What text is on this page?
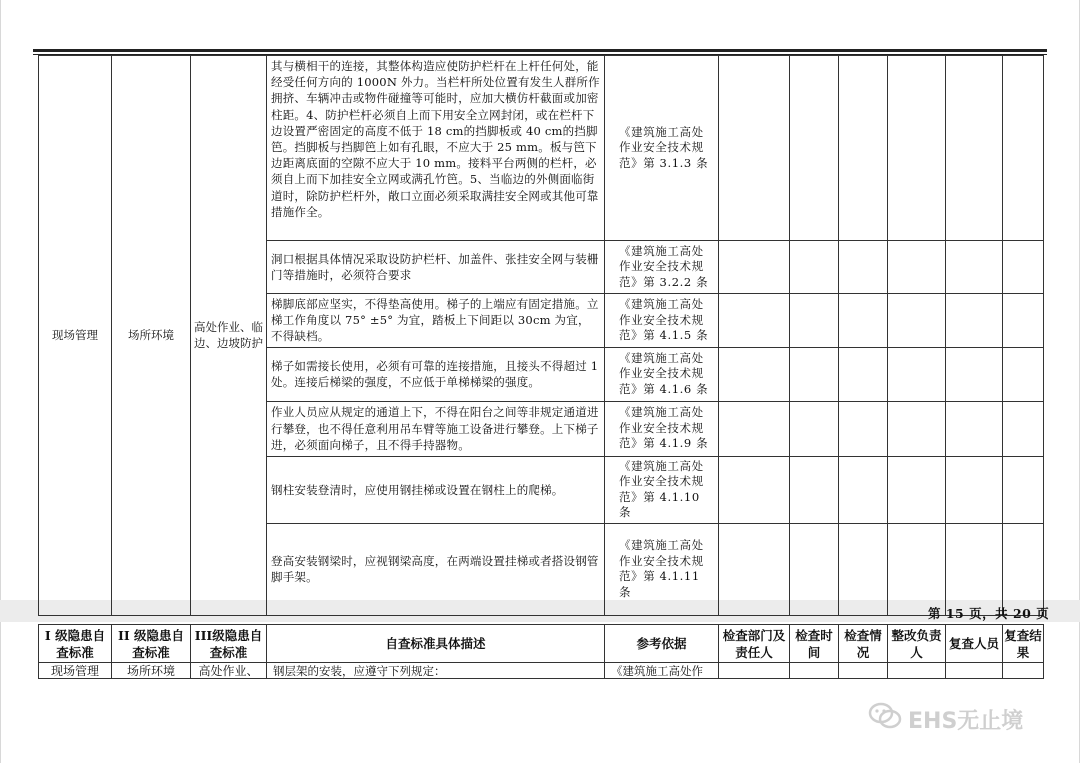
现场管理	场所环境	高处作业、临边、边坡防护	其与横相干的连接，其整体构造应使防护栏杆在上杆任何处，能经受任何方向的 1000N 外力。当栏杆所处位置有发生人群所作拥挤、车辆冲击或物件碰撞等可能时，应加大横仿杆截面或加密柱距。4、防护栏杆必须自上而下用安全立网封闭，或在栏杆下边设置严密固定的高度不低于 18 cm的挡脚板或 40 cm的挡脚笆。挡脚板与挡脚笆上如有孔眼，不应大于 25 mm。板与笆下边距离底面的空隙不应大于 10 mm。接料平台两侧的栏杆，必须自上而下加挂安全立网或满孔竹笆。5、当临边的外侧面临街道时，除防护栏杆外，敞口立面必须采取满挂安全网或其他可靠措施作全。	《建筑施工高处作业安全技术规范》第 3.1.3 条						
			洞口根据具体情况采取设防护栏杆、加盖件、张挂安全网与装栅门等措施时，必须符合要求	《建筑施工高处作业安全技术规范》第 3.2.2 条						
			梯脚底部应坚实，不得垫高使用。梯子的上端应有固定措施。立梯工作角度以 75° ±5° 为宜，踏板上下间距以 30cm 为宜，不得缺档。	《建筑施工高处作业安全技术规范》第 4.1.5 条						
			梯子如需接长使用，必须有可靠的连接措施，且接头不得超过 1 处。连接后梯梁的强度，不应低于单梯梯梁的强度。	《建筑施工高处作业安全技术规范》第 4.1.6 条						
			作业人员应从规定的通道上下，不得在阳台之间等非规定通道进行攀登，也不得任意利用吊车臂等施工设备进行攀登。上下梯子进，必须面向梯子，且不得手持器物。	《建筑施工高处作业安全技术规范》第 4.1.9 条						
			钢柱安装登清时，应使用钢挂梯或设置在钢柱上的爬梯。	《建筑施工高处作业安全技术规范》第 4.1.10 条						
			登高安装钢梁时，应视钢梁高度，在两端设置挂梯或者搭设钢管脚手架。	《建筑施工高处作业安全技术规范》第 4.1.11 条						
第 15 页，共 20 页
I 级隐患自查标准	II 级隐患自查标准	III级隐患自查标准	自查标准具体描述	参考依据	检查部门及责任人	检查时间	检查情况	整改负责人	复查人员	复查结果
现场管理	场所环境	高处作业、	钢层架的安装，应遵守下列规定：	《建筑施工高处作						
EHS无止境
